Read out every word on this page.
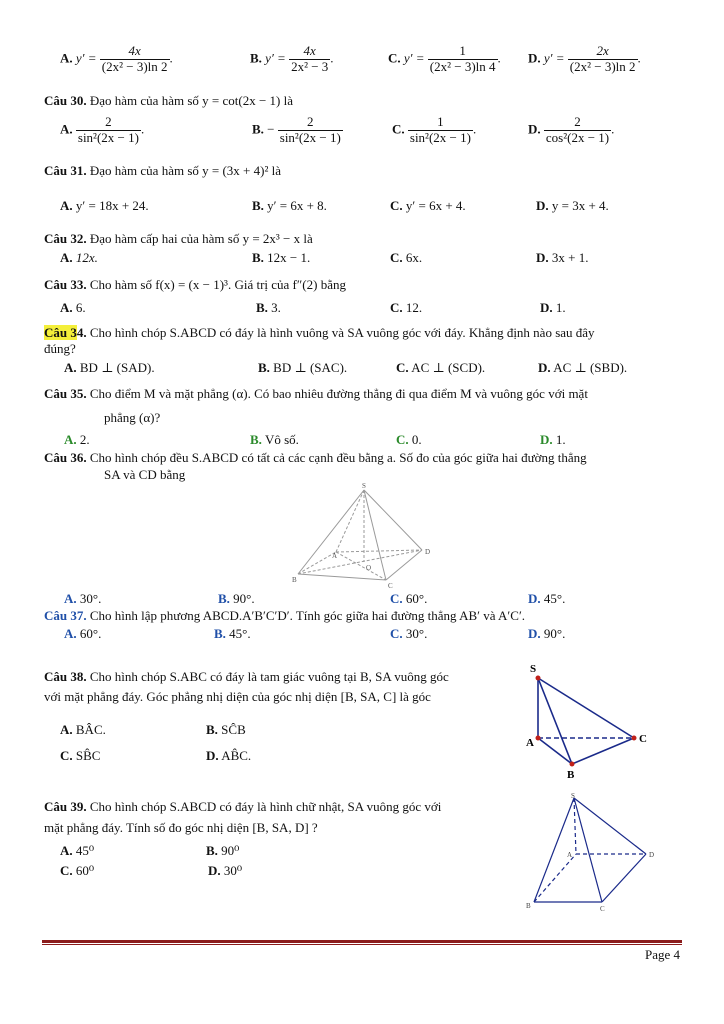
A. $y' = \frac{4x}{\text{(2x² − 3)ln 2}}$ .	B. $y' = \frac{4x}{\text{2x² − 3}}$ .	C. $y' = \frac{1}{\text{(2x² − 3)ln 4}}$ . D. $y' = \frac{2x}{\text{(2x² − 3)ln 2}}$ .
Câu 30. Đạo hàm của hàm số y = cot(2x − 1) là
A. $\frac{2}{\text{sin²(2x − 1)}}$ .	B. − $\frac{2}{\text{sin²(2x − 1)}}$	C. $\frac{1}{\text{sin²(2x − 1)}}$ .	D. $\frac{2}{\text{cos²(2x − 1)}}$ .
Câu 31. Đạo hàm của hàm số y = (3x + 4)² là
A. y′ = 18x + 24.	B. y′ = 6x + 8.	C. y′ = 6x + 4.	D. y = 3x + 4.
Câu 32. Đạo hàm cấp hai của hàm số y = 2x³ − x là
A. 12x.	B. 12x − 1.	C. 6x.	D. 3x + 1.
Câu 33. Cho hàm số f(x) = (x − 1)³. Giá trị của f″(2) bằng
A. 6.	B. 3.	C. 12.	D. 1.
Câu 34. Cho hình chóp S.ABCD có đáy là hình vuông và SA vuông góc với đáy. Khẳng định nào sau đây
đúng?
A. BD ⊥ (SAD).	B. BD ⊥ (SAC).	C. AC ⊥ (SCD).	D. AC ⊥ (SBD).
Câu 35. Cho điểm M và mặt phẳng (α). Có bao nhiêu đường thẳng đi qua điểm M và vuông góc với mặt
phẳng (α)?
A. 2.	B. Vô số.	C. 0.	D. 1.
Câu 36. Cho hình chóp đều S.ABCD có tất cả các cạnh đều bằng a. Số đo của góc giữa hai đường thẳng
SA và CD bằng
S
A
B
C
D
O
A. 30°.	B. 90°.	C. 60°.	D. 45°.
Câu 37. Cho hình lập phương ABCD.A′B′C′D′. Tính góc giữa hai đường thẳng AB′ và A′C′.
A. 60°.	B. 45°.	C. 30°.	D. 90°.
Câu 38. Cho hình chóp S.ABC có đáy là tam giác vuông tại B, SA vuông góc
với mặt phẳng đáy. Góc phẳng nhị diện của góc nhị diện [B, SA, C] là góc
A. BÂC.	B. SĈB
C. SB̂C	D. AB̂C.
S
A
B
C
Câu 39. Cho hình chóp S.ABCD có đáy là hình chữ nhật, SA vuông góc với
mặt phẳng đáy. Tính số đo góc nhị diện [B, SA, D] ?
A. 45⁰	B. 90⁰
C. 60⁰	D. 30⁰
S
A
B	C
D
Page 4
